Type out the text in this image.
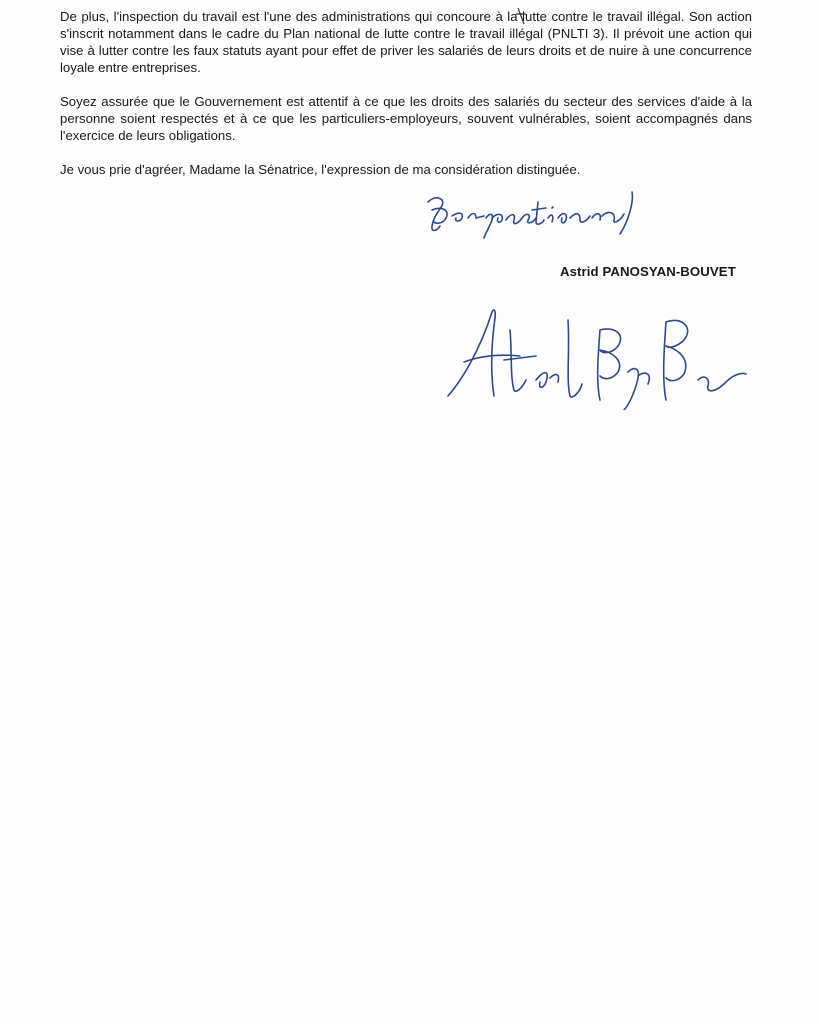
De plus, l'inspection du travail est l'une des administrations qui concoure à la lutte contre le travail illégal. Son action s'inscrit notamment dans le cadre du Plan national de lutte contre le travail illégal (PNLTI 3). Il prévoit une action qui vise à lutter contre les faux statuts ayant pour effet de priver les salariés de leurs droits et de nuire à une concurrence loyale entre entreprises.

Soyez assurée que le Gouvernement est attentif à ce que les droits des salariés du secteur des services d'aide à la personne soient respectés et à ce que les particuliers-employeurs, souvent vulnérables, soient accompagnés dans l'exercice de leurs obligations.

Je vous prie d'agréer, Madame la Sénatrice, l'expression de ma considération distinguée.

Astrid PANOSYAN-BOUVET
